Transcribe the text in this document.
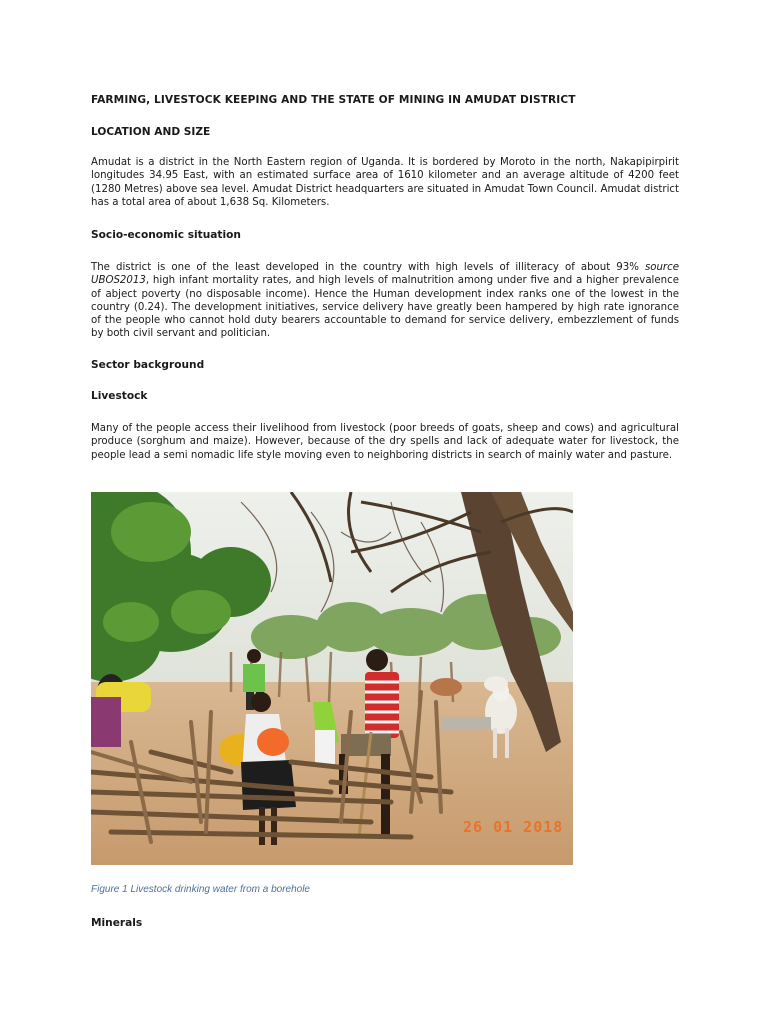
FARMING, LIVESTOCK KEEPING AND THE STATE OF MINING IN AMUDAT DISTRICT
LOCATION AND SIZE

Amudat is a district in the North Eastern region of Uganda. It is bordered by Moroto in the north, Nakapipirpirit longitudes 34.95 East, with an estimated surface area of 1610 kilometer and an average altitude of 4200 feet (1280 Metres) above sea level. Amudat District headquarters are situated in Amudat Town Council. Amudat district has a total area of about 1,638 Sq. Kilometers.

Socio-economic situation

The district is one of the least developed in the country with high levels of illiteracy of about 93% source UBOS2013, high infant mortality rates, and high levels of malnutrition among under five and a higher prevalence of abject poverty (no disposable income). Hence the Human development index ranks one of the lowest in the country (0.24). The development initiatives, service delivery have greatly been hampered by high rate ignorance of the people who cannot hold duty bearers accountable to demand for service delivery, embezzlement of funds by both civil servant and politician.

Sector background
Livestock

Many of the people access their livelihood from livestock (poor breeds of goats, sheep and cows) and agricultural produce (sorghum and maize). However, because of the dry spells and lack of adequate water for livestock, the people lead a semi nomadic life style moving even to neighboring districts in search of mainly water and pasture.

26 01 2018
Figure 1 Livestock drinking water from a borehole
Minerals
